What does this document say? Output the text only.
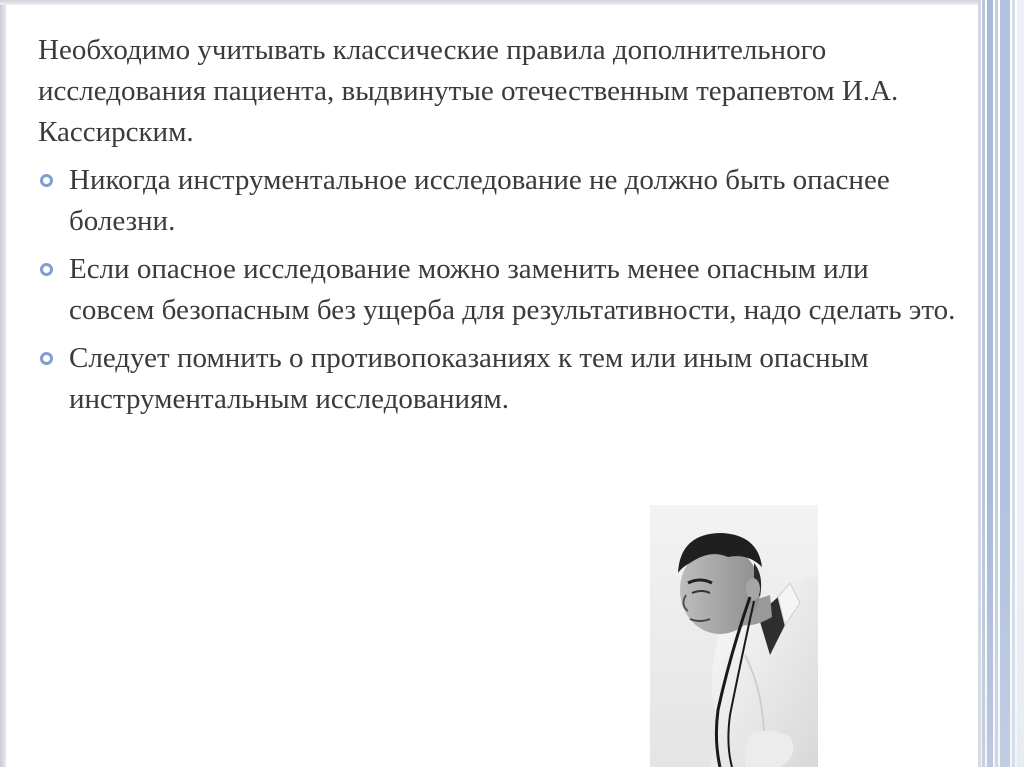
Необходимо учитывать классические правила дополнительного исследования пациента, выдвинутые отечественным терапевтом И.А. Кассирским.

Никогда инструментальное исследование не должно быть опаснее болезни.
Если опасное исследование можно заменить менее опасным или совсем безопасным без ущерба для результативности, надо сделать это.
Следует помнить о противопоказаниях к тем или иным опасным инструментальным исследованиям.
